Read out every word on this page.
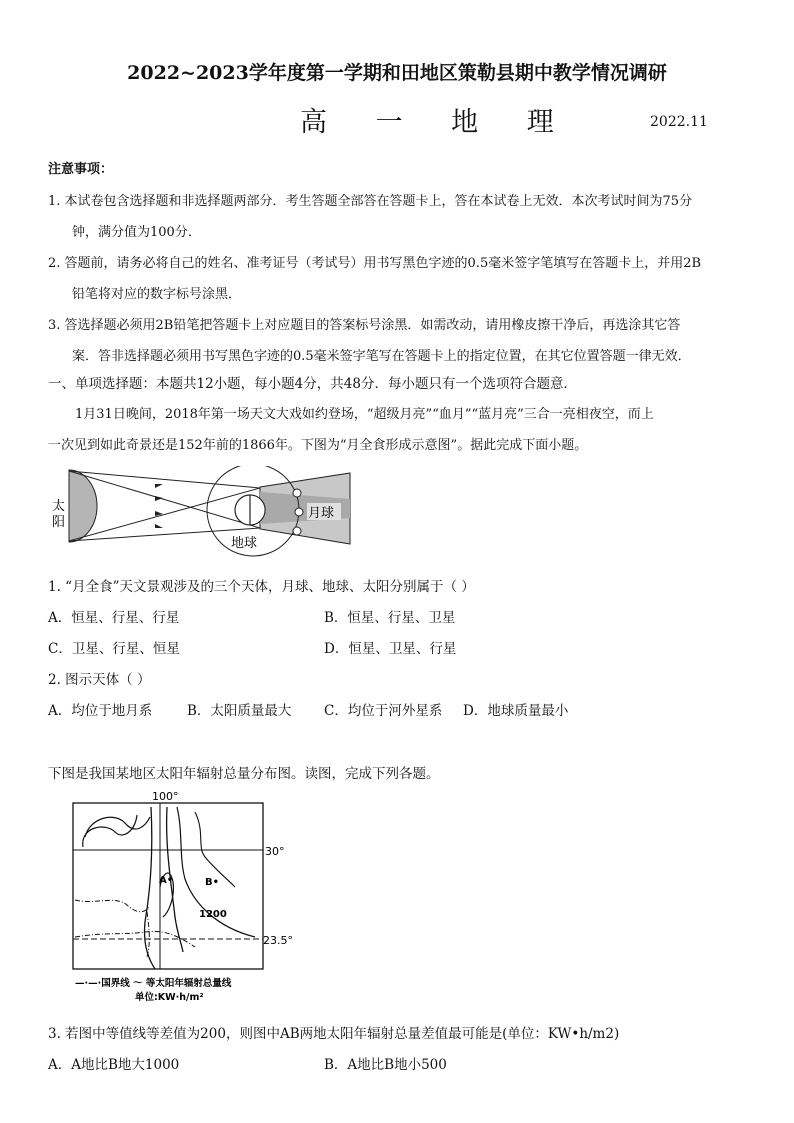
2022~2023学年度第一学期和田地区策勒县期中教学情况调研
高 一 地 理	2022.11
注意事项：
1. 本试卷包含选择题和非选择题两部分．考生答题全部答在答题卡上，答在本试卷上无效．本次考试时间为75分
钟，满分值为100分．
2. 答题前，请务必将自己的姓名、准考证号（考试号）用书写黑色字迹的0.5毫米签字笔填写在答题卡上，并用2B
铅笔将对应的数字标号涂黑．
3. 答选择题必须用2B铅笔把答题卡上对应题目的答案标号涂黑．如需改动，请用橡皮擦干净后，再选涂其它答
案．答非选择题必须用书写黑色字迹的0.5毫米签字笔写在答题卡上的指定位置，在其它位置答题一律无效．
一、单项选择题：本题共12小题，每小题4分，共48分．每小题只有一个选项符合题意．
1月31日晚间，2018年第一场天文大戏如约登场，“超级月亮”“血月”“蓝月亮”三合一亮相夜空，而上
一次见到如此奇景还是152年前的1866年。下图为“月全食形成示意图”。据此完成下面小题。
太
阳
地球
月球
1. “月全食”天文景观涉及的三个天体，月球、地球、太阳分别属于（ ）
A．恒星、行星、行星	B．恒星、行星、卫星
C．卫星、行星、恒星	D．恒星、卫星、行星
2. 图示天体（ ）
A．均位于地月系	B．太阳质量最大 C．均位于河外星系 D．地球质量最小
下图是我国某地区太阳年辐射总量分布图。读图，完成下列各题。
100°
30°
23.5°
A•	B•
1200
—·—·国界线 ～ 等太阳年辐射总量线
单位:KW·h/m²
3. 若图中等值线等差值为200，则图中AB两地太阳年辐射总量差值最可能是(单位：KW•h/m2)
A．A地比B地大1000	B．A地比B地小500
